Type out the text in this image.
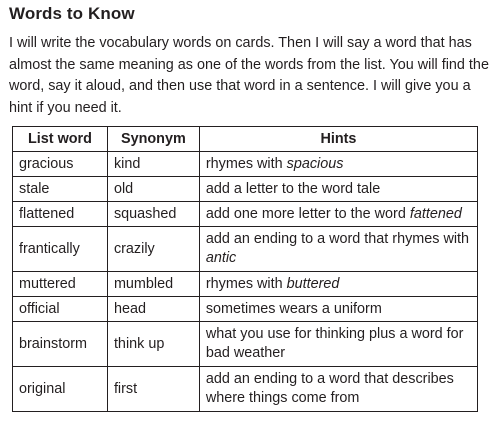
Words to Know

I will write the vocabulary words on cards. Then I will say a word that has almost the same meaning as one of the words from the list. You will find the word, say it aloud, and then use that word in a sentence. I will give you a hint if you need it.

List word	Synonym	Hints
gracious	kind	rhymes with spacious
stale	old	add a letter to the word tale
flattened	squashed	add one more letter to the word fattened
frantically	crazily	add an ending to a word that rhymes with antic
muttered	mumbled	rhymes with buttered
official	head	sometimes wears a uniform
brainstorm	think up	what you use for thinking plus a word for bad weather
original	first	add an ending to a word that describes where things come from
